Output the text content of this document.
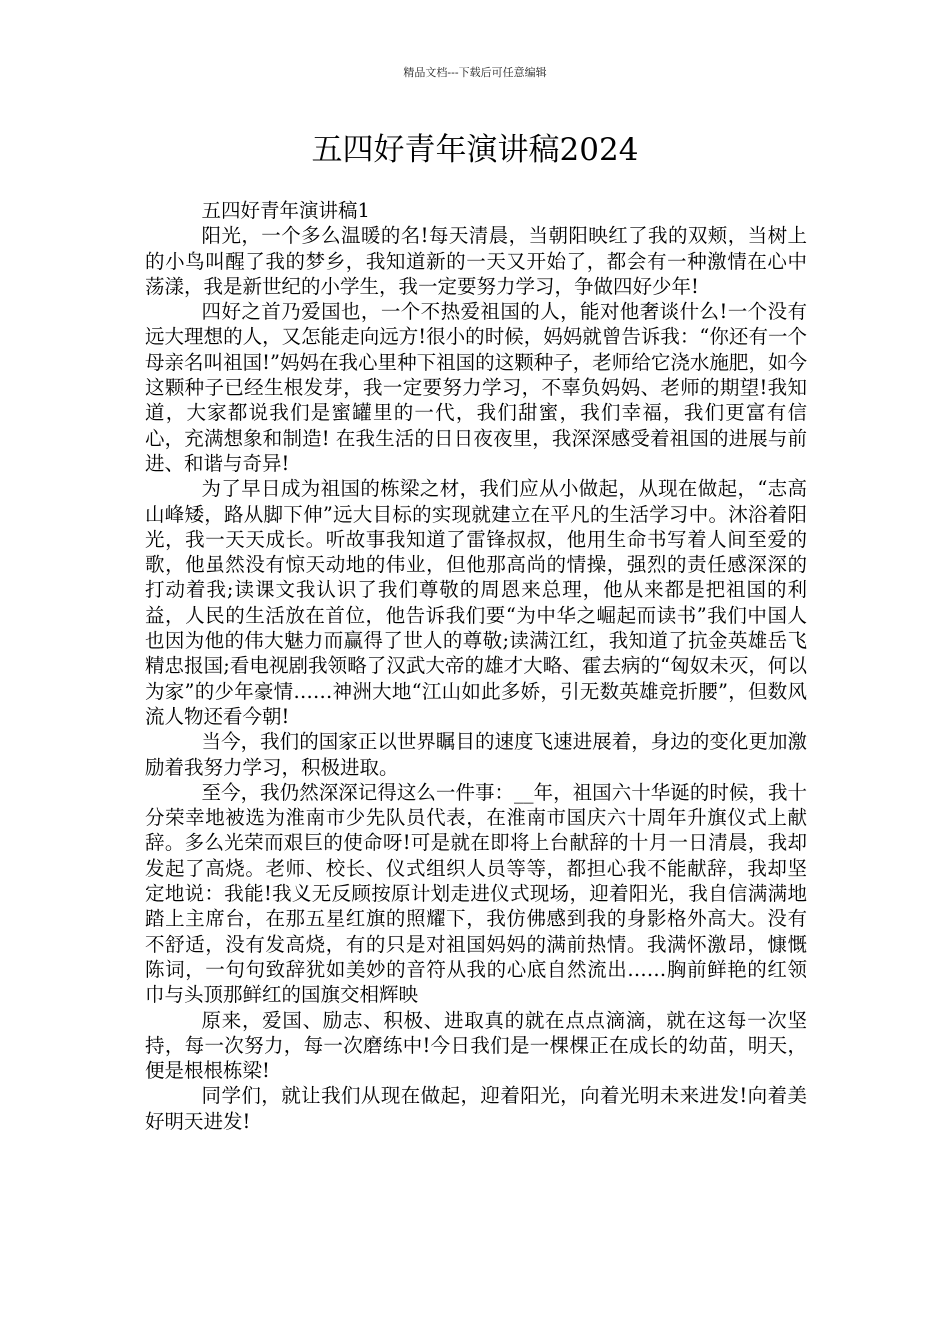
精品文档---下载后可任意编辑
五四好青年演讲稿2024

五四好青年演讲稿1

阳光，一个多么温暖的名!每天清晨，当朝阳映红了我的双颊，当树上的小鸟叫醒了我的梦乡，我知道新的一天又开始了，都会有一种激情在心中荡漾，我是新世纪的小学生，我一定要努力学习，争做四好少年!

四好之首乃爱国也，一个不热爱祖国的人，能对他奢谈什么!一个没有远大理想的人，又怎能走向远方!很小的时候，妈妈就曾告诉我：“你还有一个母亲名叫祖国!”妈妈在我心里种下祖国的这颗种子，老师给它浇水施肥，如今这颗种子已经生根发芽，我一定要努力学习，不辜负妈妈、老师的期望!我知道，大家都说我们是蜜罐里的一代，我们甜蜜，我们幸福，我们更富有信心，充满想象和制造! 在我生活的日日夜夜里，我深深感受着祖国的进展与前进、和谐与奇异!

为了早日成为祖国的栋梁之材，我们应从小做起，从现在做起，“志高山峰矮，路从脚下伸”远大目标的实现就建立在平凡的生活学习中。沐浴着阳光，我一天天成长。听故事我知道了雷锋叔叔，他用生命书写着人间至爱的歌，他虽然没有惊天动地的伟业，但他那高尚的情操，强烈的责任感深深的打动着我;读课文我认识了我们尊敬的周恩来总理，他从来都是把祖国的利益，人民的生活放在首位，他告诉我们要“为中华之崛起而读书”我们中国人也因为他的伟大魅力而赢得了世人的尊敬;读满江红，我知道了抗金英雄岳飞精忠报国;看电视剧我领略了汉武大帝的雄才大略、霍去病的“匈奴未灭，何以为家”的少年豪情……神洲大地“江山如此多娇，引无数英雄竞折腰”，但数风流人物还看今朝!

当今，我们的国家正以世界瞩目的速度飞速进展着，身边的变化更加激励着我努力学习，积极进取。

至今，我仍然深深记得这么一件事：__年，祖国六十华诞的时候，我十分荣幸地被选为淮南市少先队员代表，在淮南市国庆六十周年升旗仪式上献辞。多么光荣而艰巨的使命呀!可是就在即将上台献辞的十月一日清晨，我却发起了高烧。老师、校长、仪式组织人员等等，都担心我不能献辞，我却坚定地说：我能!我义无反顾按原计划走进仪式现场，迎着阳光，我自信满满地踏上主席台，在那五星红旗的照耀下，我仿佛感到我的身影格外高大。没有不舒适，没有发高烧，有的只是对祖国妈妈的满前热情。我满怀激昂，慷慨陈词，一句句致辞犹如美妙的音符从我的心底自然流出……胸前鲜艳的红领巾与头顶那鲜红的国旗交相辉映

原来，爱国、励志、积极、进取真的就在点点滴滴，就在这每一次坚持，每一次努力，每一次磨练中!今日我们是一棵棵正在成长的幼苗，明天，便是根根栋梁!

同学们，就让我们从现在做起，迎着阳光，向着光明未来进发!向着美好明天进发!
